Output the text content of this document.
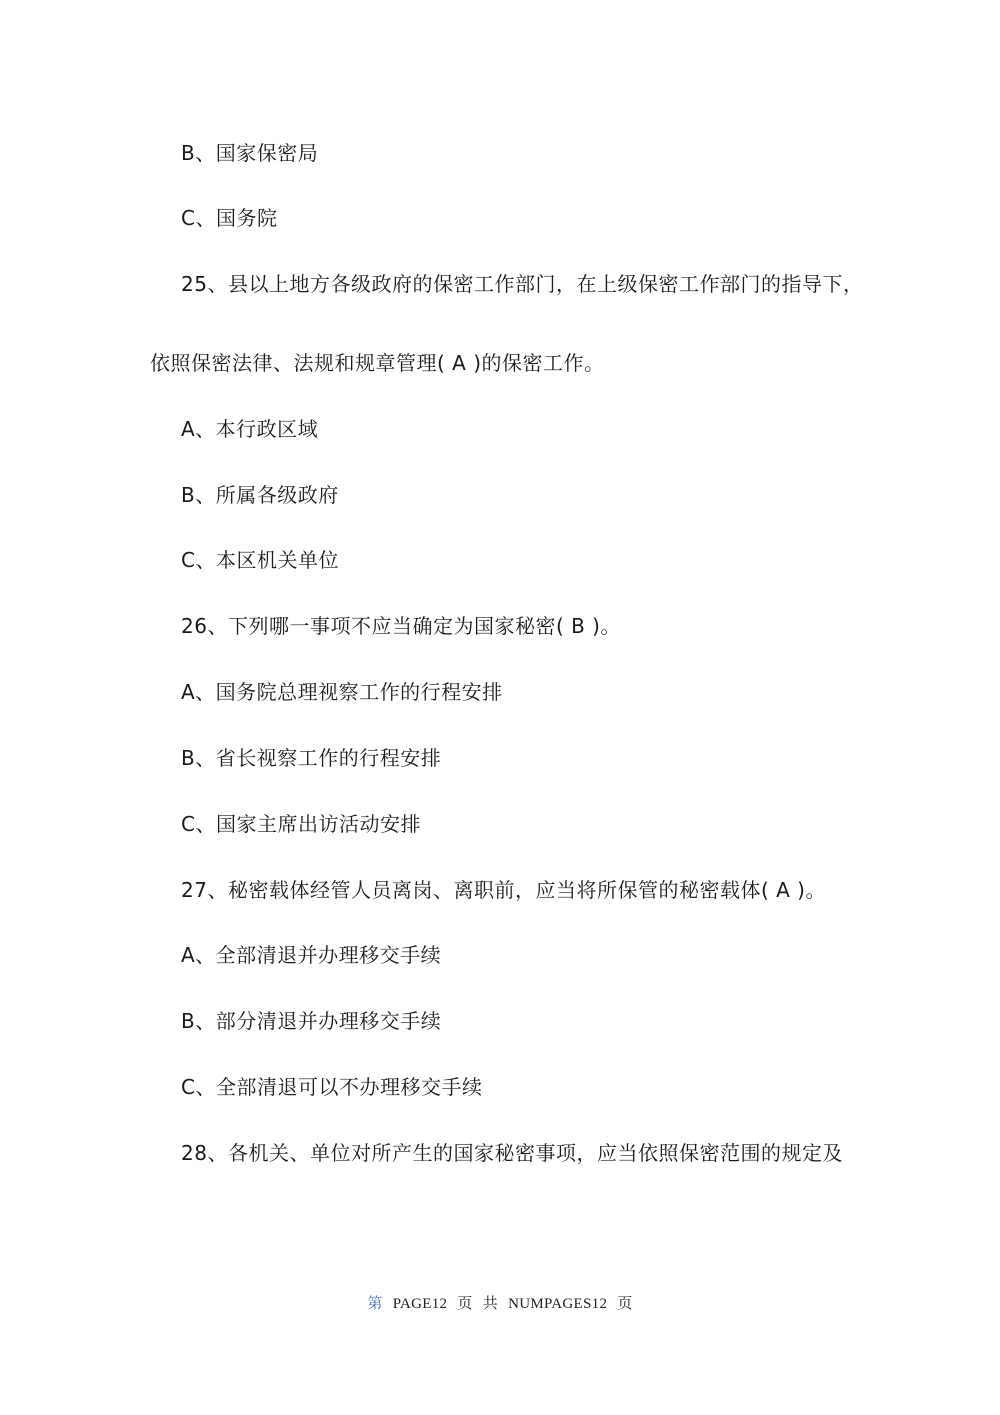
B、国家保密局
C、国务院
25、县以上地方各级政府的保密工作部门，在上级保密工作部门的指导下，
依照保密法律、法规和规章管理( A )的保密工作。
A、本行政区域
B、所属各级政府
C、本区机关单位
26、下列哪一事项不应当确定为国家秘密( B )。
A、国务院总理视察工作的行程安排
B、省长视察工作的行程安排
C、国家主席出访活动安排
27、秘密载体经管人员离岗、离职前，应当将所保管的秘密载体( A )。
A、全部清退并办理移交手续
B、部分清退并办理移交手续
C、全部清退可以不办理移交手续
28、各机关、单位对所产生的国家秘密事项，应当依照保密范围的规定及
第 PAGE12 页 共 NUMPAGES12 页
